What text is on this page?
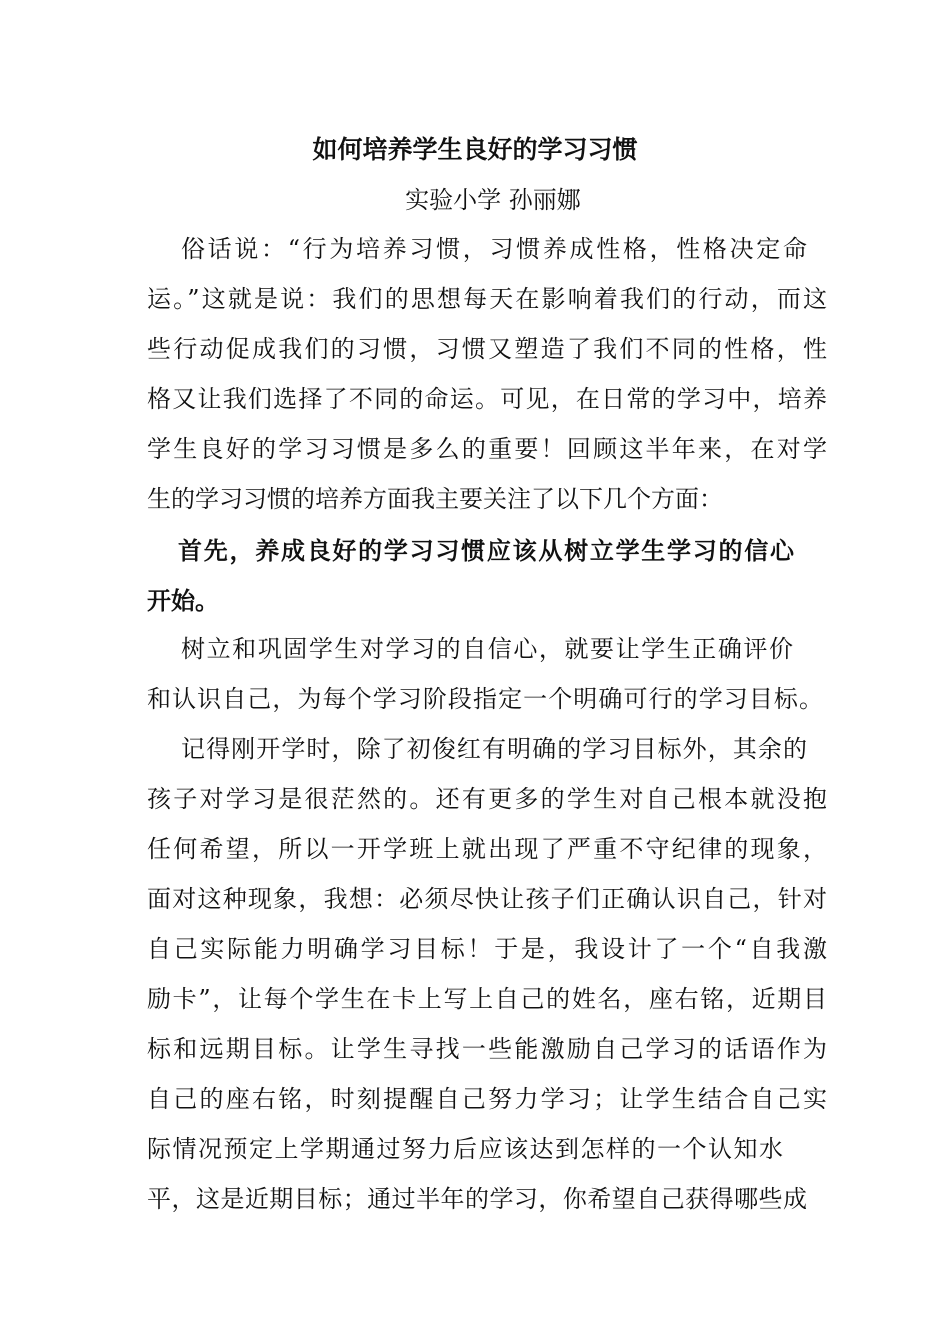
如何培养学生良好的学习习惯
实验小学 孙丽娜
俗话说：“行为培养习惯，习惯养成性格，性格决定命
运。”这就是说：我们的思想每天在影响着我们的行动，而这
些行动促成我们的习惯，习惯又塑造了我们不同的性格，性
格又让我们选择了不同的命运。可见，在日常的学习中，培养
学生良好的学习习惯是多么的重要！回顾这半年来，在对学
生的学习习惯的培养方面我主要关注了以下几个方面：
首先，养成良好的学习习惯应该从树立学生学习的信心
开始。
树立和巩固学生对学习的自信心，就要让学生正确评价
和认识自己，为每个学习阶段指定一个明确可行的学习目标。
记得刚开学时，除了初俊红有明确的学习目标外，其余的
孩子对学习是很茫然的。还有更多的学生对自己根本就没抱
任何希望，所以一开学班上就出现了严重不守纪律的现象，
面对这种现象，我想：必须尽快让孩子们正确认识自己，针对
自己实际能力明确学习目标！于是，我设计了一个“自我激
励卡”，让每个学生在卡上写上自己的姓名，座右铭，近期目
标和远期目标。让学生寻找一些能激励自己学习的话语作为
自己的座右铭，时刻提醒自己努力学习；让学生结合自己实
际情况预定上学期通过努力后应该达到怎样的一个认知水
平，这是近期目标；通过半年的学习，你希望自己获得哪些成
